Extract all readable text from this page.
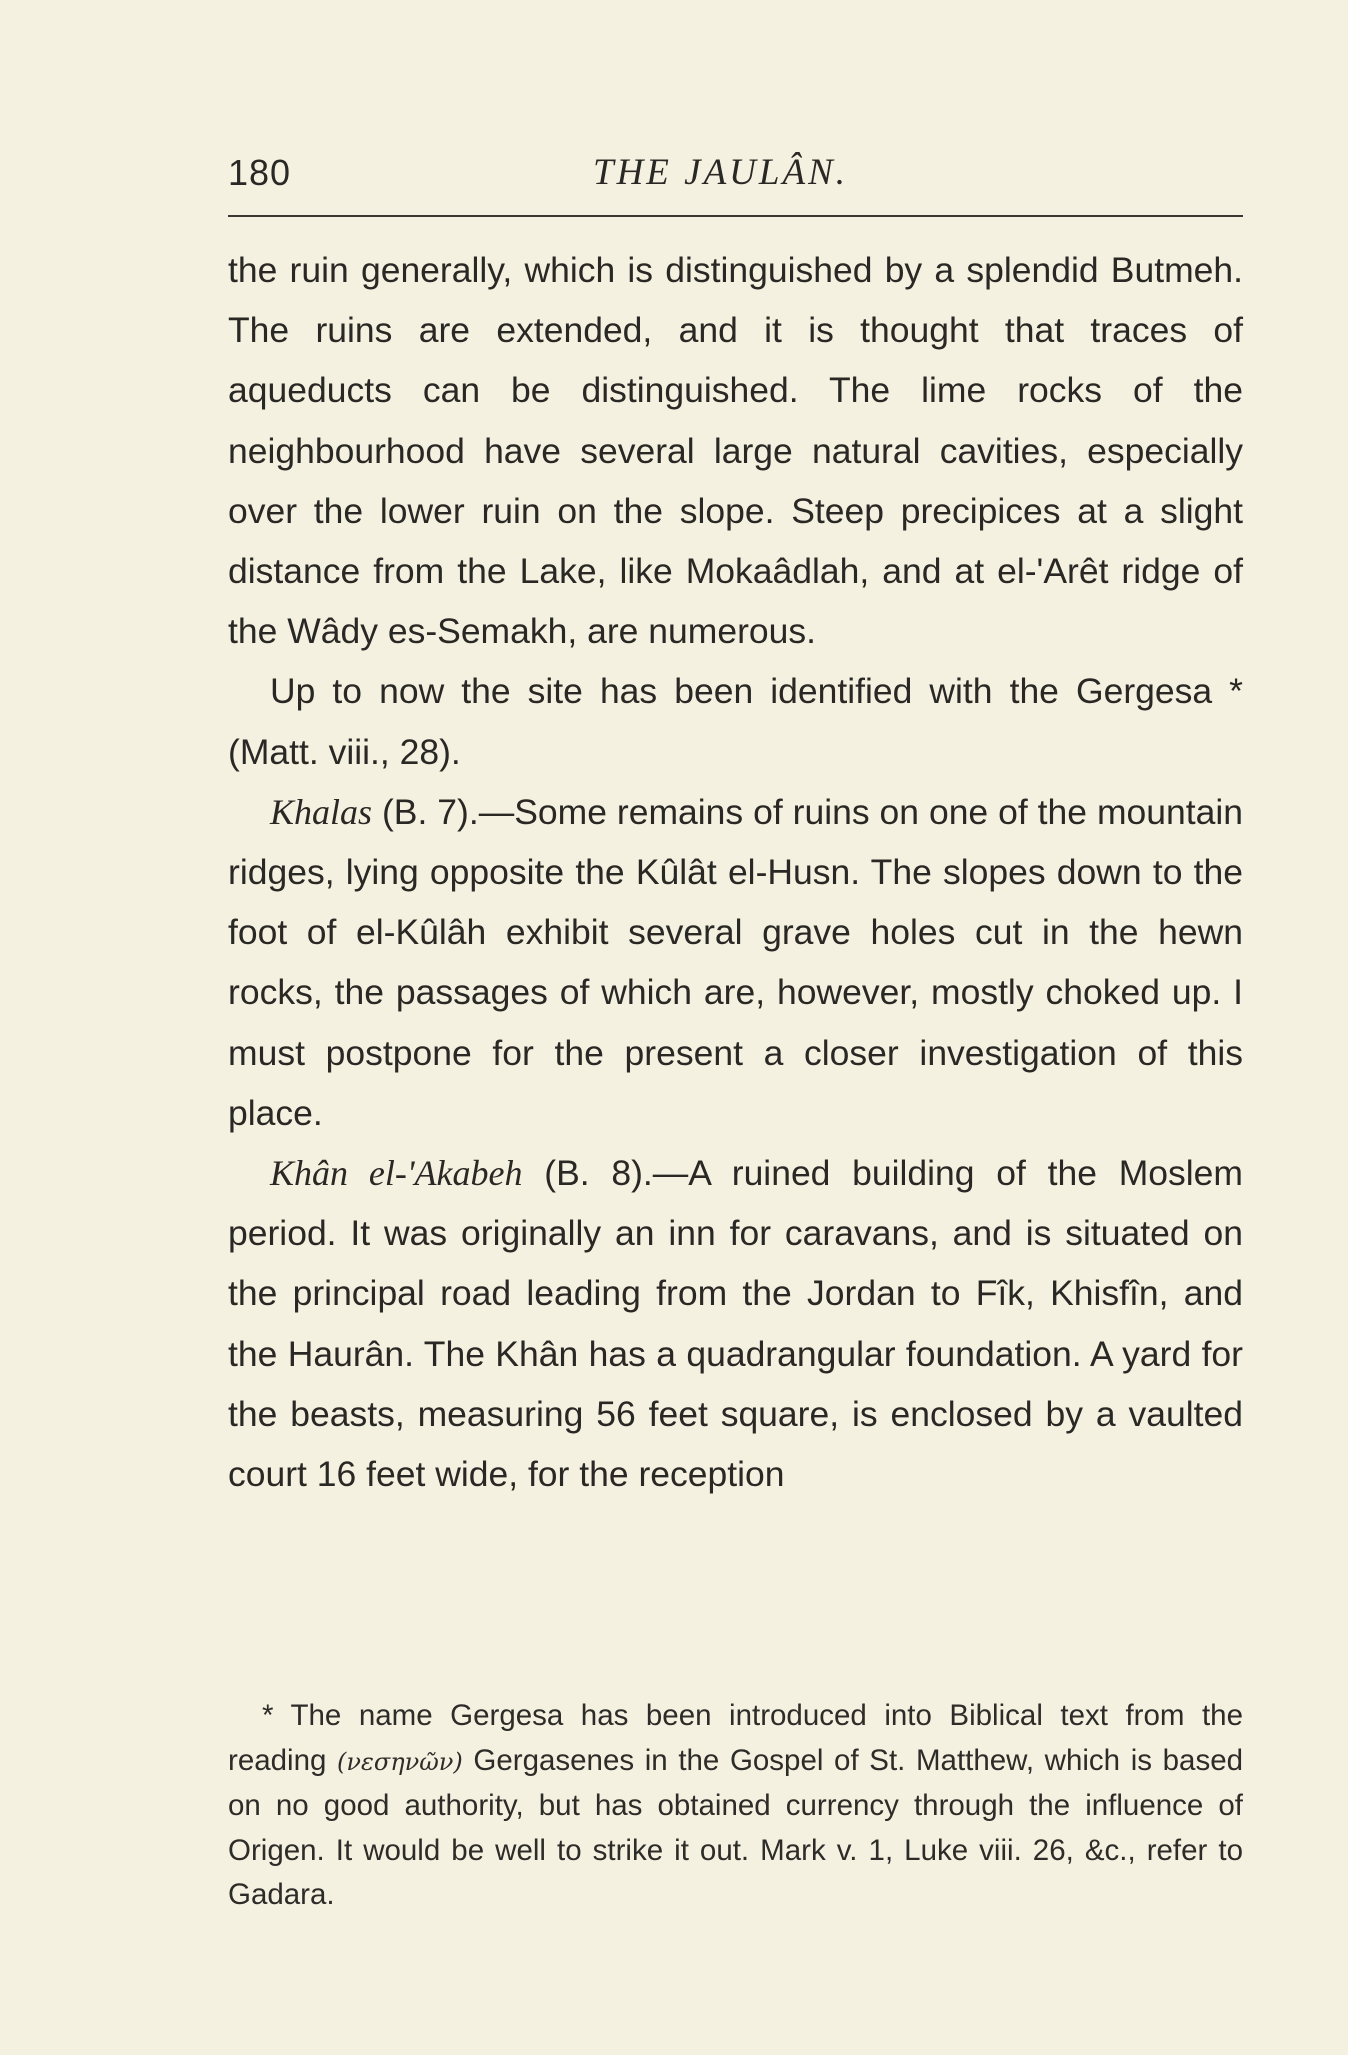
180	THE JAULÂN.

the ruin generally, which is distinguished by a splendid Butmeh. The ruins are extended, and it is thought that traces of aqueducts can be distinguished. The lime rocks of the neighbourhood have several large natural cavities, especially over the lower ruin on the slope. Steep precipices at a slight distance from the Lake, like Mokaâdlah, and at el-'Arêt ridge of the Wâdy es-Semakh, are numerous.

Up to now the site has been identified with the Gergesa * (Matt. viii., 28).

Khalas (B. 7).—Some remains of ruins on one of the mountain ridges, lying opposite the Kûlât el-Husn. The slopes down to the foot of el-Kûlâh exhibit several grave holes cut in the hewn rocks, the passages of which are, however, mostly choked up. I must postpone for the present a closer investigation of this place.

Khân el-'Akabeh (B. 8).—A ruined building of the Moslem period. It was originally an inn for caravans, and is situated on the principal road leading from the Jordan to Fîk, Khisfîn, and the Haurân. The Khân has a quadrangular foundation. A yard for the beasts, measuring 56 feet square, is enclosed by a vaulted court 16 feet wide, for the reception

* The name Gergesa has been introduced into Biblical text from the reading (νεσηνῶν) Gergasenes in the Gospel of St. Matthew, which is based on no good authority, but has obtained currency through the influence of Origen. It would be well to strike it out. Mark v. 1, Luke viii. 26, &c., refer to Gadara.
